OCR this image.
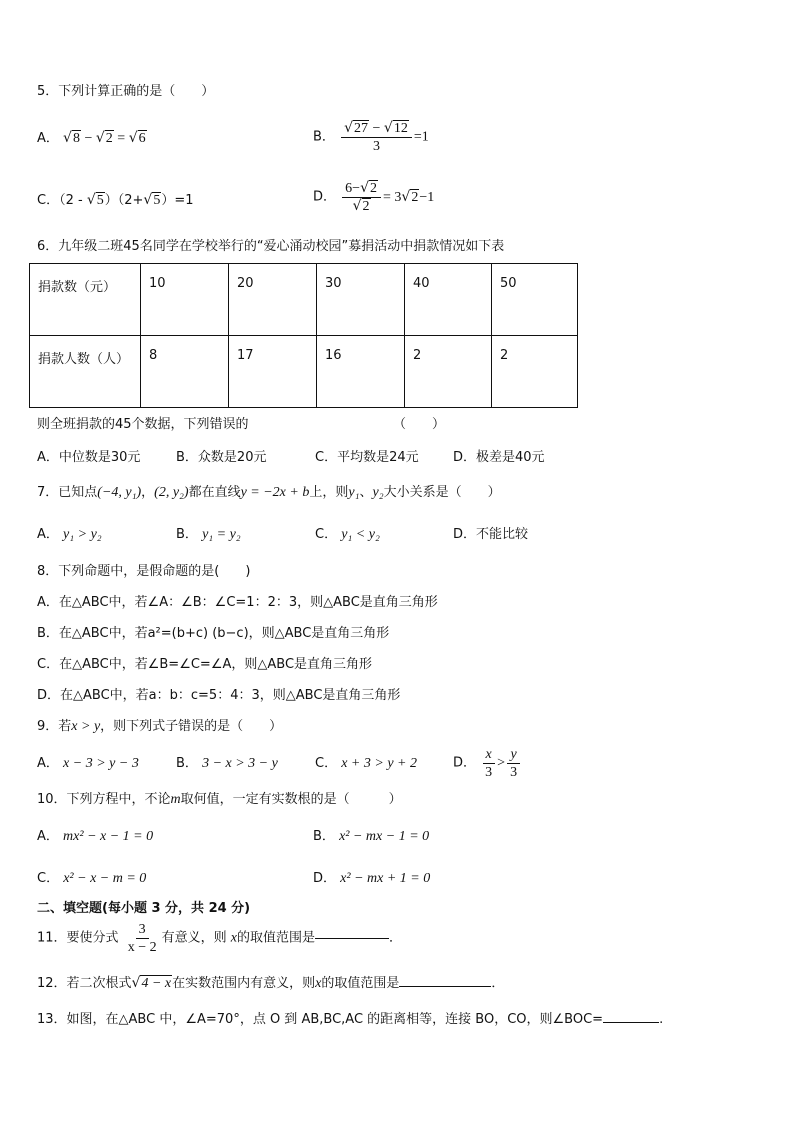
5．下列计算正确的是（　　）
A． √8 − √2 = √6	B． $\frac{√27 - √12}{3} =1$
C．（2 - √5）（2+√5）=1	D． $\frac{6-√2}{√2} = 3√2-1$
6．九年级二班45名同学在学校举行的“爱心涌动校园”募捐活动中捐款情况如下表
捐款数（元）	10	20	30	40	50
捐款人数（人）	8	17	16	2	2
则全班捐款的45个数据，下列错误的	（　　）
A．中位数是30元	B．众数是20元	C．平均数是24元	D．极差是40元
7．已知点(−4, y₁)，(2, y₂)都在直线y = −2x + b上，则y₁、y₂大小关系是（　　）
A． y₁ > y₂	B． y₁ = y₂	C． y₁ < y₂	D．不能比较
8．下列命题中，是假命题的是(　　)
A．在△ABC中，若∠A：∠B：∠C=1：2：3，则△ABC是直角三角形
B．在△ABC中，若a²=(b+c) (b−c)，则△ABC是直角三角形
C．在△ABC中，若∠B=∠C=∠A，则△ABC是直角三角形
D．在△ABC中，若a：b：c=5：4：3，则△ABC是直角三角形
9．若x > y，则下列式子错误的是（　　）
A． x − 3 > y − 3	B． 3 − x > 3 − y	C． x + 3 > y + 2	D． $\frac{x}{3} > \frac{y}{3}$
10．下列方程中，不论m取何值，一定有实数根的是（　　　）
A． mx² − x − 1 = 0	B． x² − mx − 1 = 0
C． x² − x − m = 0	D． x² − mx + 1 = 0
二、填空题(每小题 3 分，共 24 分)
11．要使分式 $\frac{3}{x - 2}$ 有意义，则 x的取值范围是	．
12．若二次根式√4 − x在实数范围内有意义，则x的取值范围是	．
13．如图，在△ABC 中，∠A=70°，点 O 到 AB,BC,AC 的距离相等，连接 BO，CO，则∠BOC=	.
